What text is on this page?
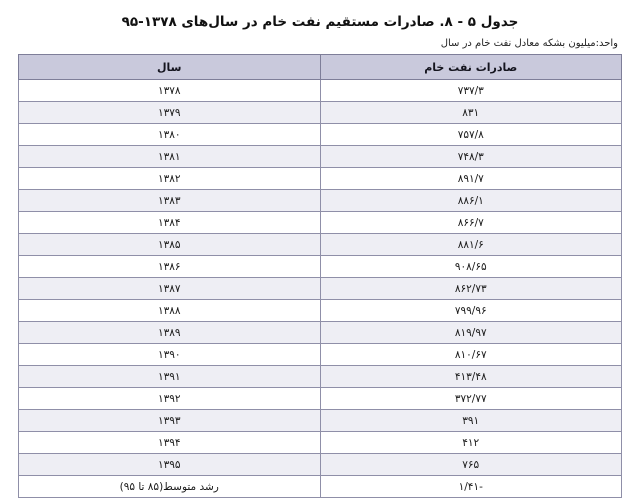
جدول ۵ - ۸. صادرات مستقیم نفت خام در سال‌های ۱۳۷۸-۹۵
واحد:میلیون بشکه معادل نفت خام در سال
صادرات نفت خام	سال
۷۳۷/۳	۱۳۷۸
۸۳۱	۱۳۷۹
۷۵۷/۸	۱۳۸۰
۷۴۸/۳	۱۳۸۱
۸۹۱/۷	۱۳۸۲
۸۸۶/۱	۱۳۸۳
۸۶۶/۷	۱۳۸۴
۸۸۱/۶	۱۳۸۵
۹۰۸/۶۵	۱۳۸۶
۸۶۲/۷۳	۱۳۸۷
۷۹۹/۹۶	۱۳۸۸
۸۱۹/۹۷	۱۳۸۹
۸۱۰/۶۷	۱۳۹۰
۴۱۳/۴۸	۱۳۹۱
۳۷۲/۷۷	۱۳۹۲
۳۹۱	۱۳۹۳
۴۱۲	۱۳۹۴
۷۶۵	۱۳۹۵
-۱/۴۱	رشد متوسط(۸۵ تا ۹۵)
